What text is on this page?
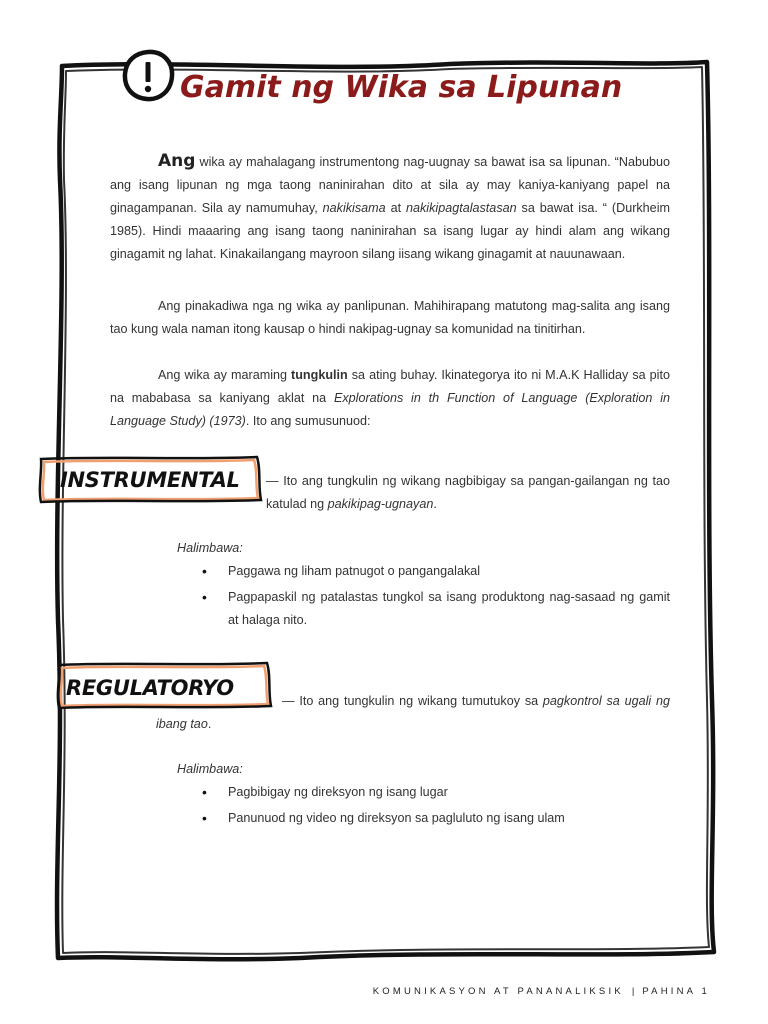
Gamit ng Wika sa Lipunan

Ang wika ay mahalagang instrumentong nag-uugnay sa bawat isa sa lipunan. “Nabubuo ang isang lipunan ng mga taong naninirahan dito at sila ay may kaniya-kaniyang papel na ginagampanan. Sila ay namumuhay, nakikisama at nakikipagtalastasan sa bawat isa. “ (Durkheim 1985). Hindi maaaring ang isang taong naninirahan sa isang lugar ay hindi alam ang wikang ginagamit ng lahat. Kinakailangang mayroon silang iisang wikang ginagamit at nauunawaan.

Ang pinakadiwa nga ng wika ay panlipunan. Mahihirapang matutong mag-salita ang isang tao kung wala naman itong kausap o hindi nakipag-ugnay sa komunidad na tinitirhan.

Ang wika ay maraming tungkulin sa ating buhay. Ikinategorya ito ni M.A.K Halliday sa pito na mababasa sa kaniyang aklat na Explorations in th Function of Language (Exploration in Language Study) (1973). Ito ang sumusunuod:

INSTRUMENTAL — Ito ang tungkulin ng wikang nagbibigay sa pangan-gailangan ng tao katulad ng pakikipag-ugnayan.
Halimbawa:
• Paggawa ng liham patnugot o pangangalakal
• Pagpapaskil ng patalastas tungkol sa isang produktong nag-sasaad ng gamit at halaga nito.
REGULATORYO
— Ito ang tungkulin ng wikang tumutukoy sa pagkontrol sa ugali ng ibang tao.
Halimbawa:
• Pagbibigay ng direksyon ng isang lugar
• Panunuod ng video ng direksyon sa pagluluto ng isang ulam
KOMUNIKASYON AT PANANALIKSIK | PAHINA 1
